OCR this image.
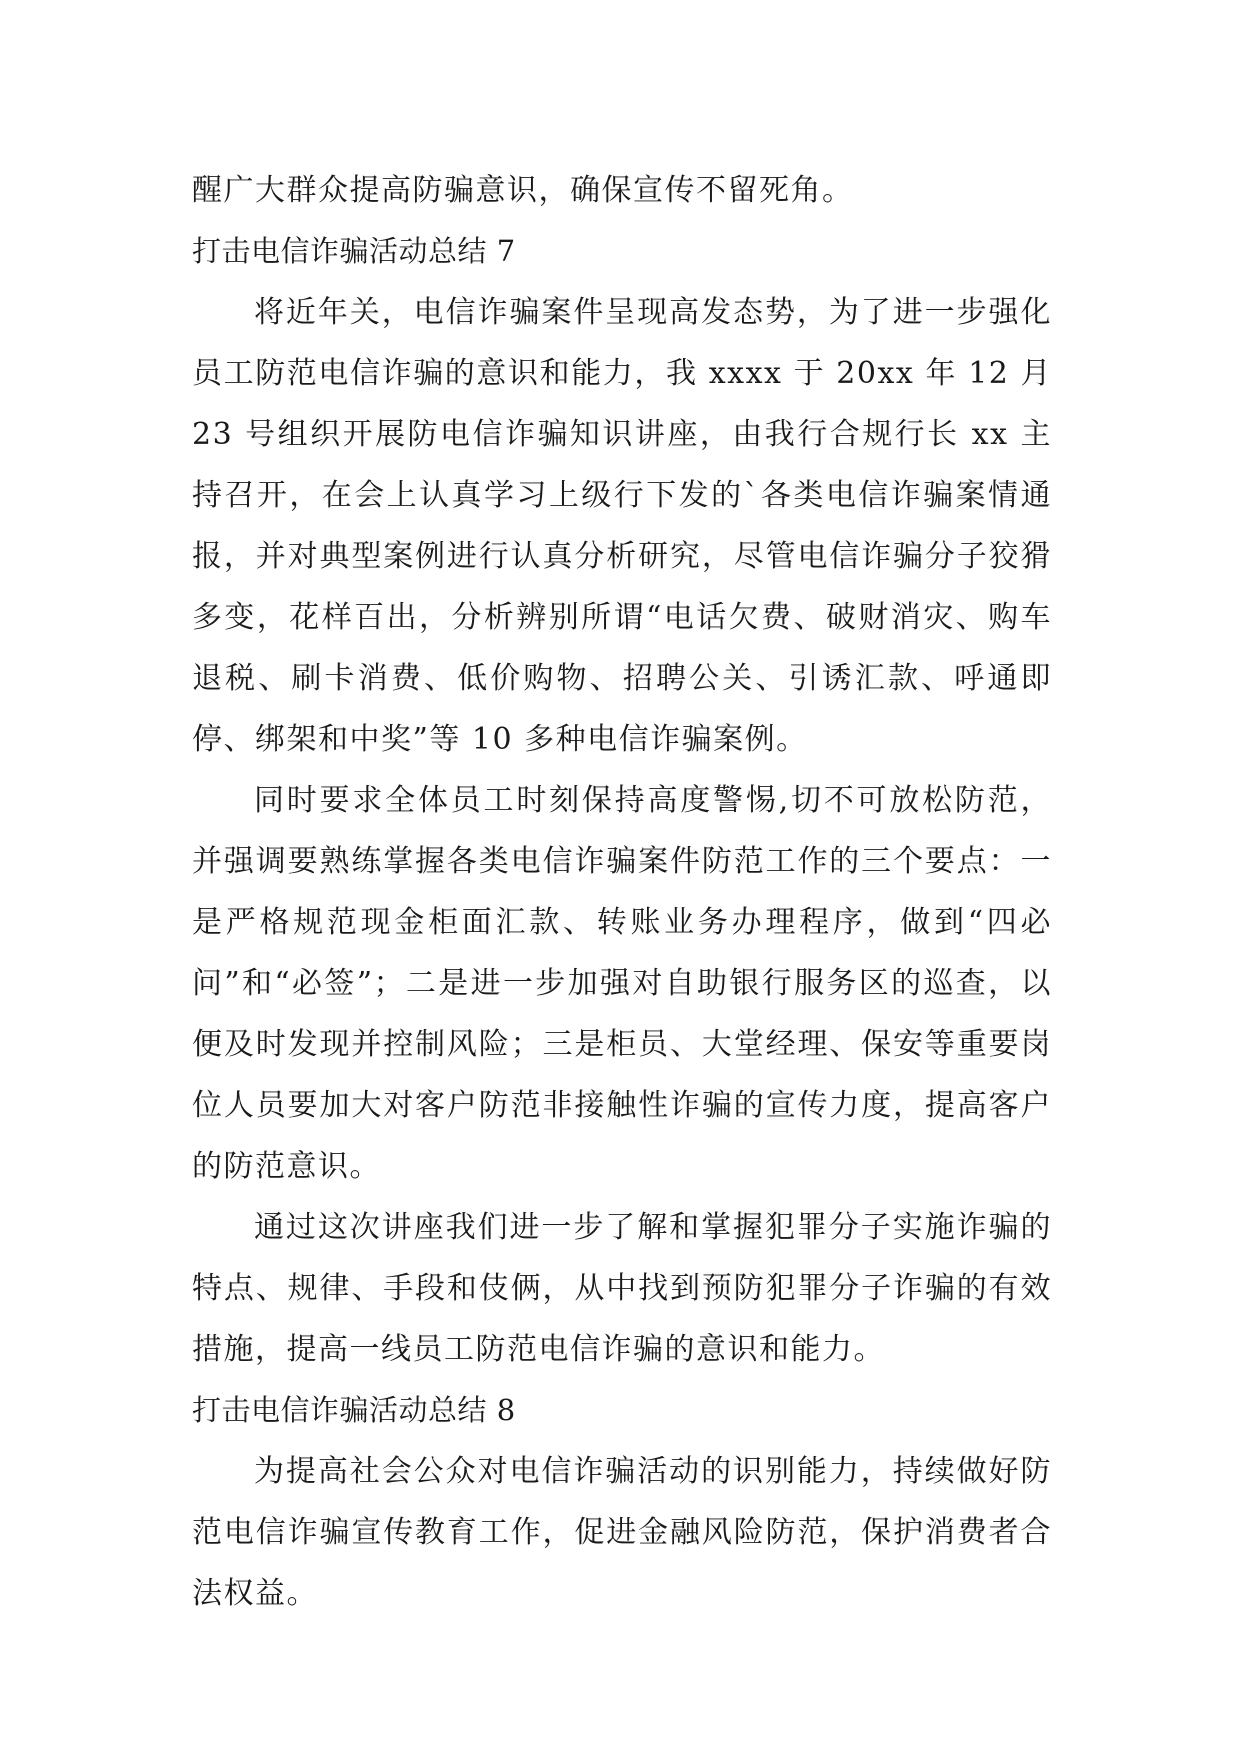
醒广大群众提高防骗意识，确保宣传不留死角。

打击电信诈骗活动总结 7

将近年关，电信诈骗案件呈现高发态势，为了进一步强化员工防范电信诈骗的意识和能力，我 xxxx 于 20xx 年 12 月 23 号组织开展防电信诈骗知识讲座，由我行合规行长 xx 主持召开，在会上认真学习上级行下发的`各类电信诈骗案情通报，并对典型案例进行认真分析研究，尽管电信诈骗分子狡猾多变，花样百出，分析辨别所谓“电话欠费、破财消灾、购车退税、刷卡消费、低价购物、招聘公关、引诱汇款、呼通即停、绑架和中奖”等 10 多种电信诈骗案例。

同时要求全体员工时刻保持高度警惕,切不可放松防范，并强调要熟练掌握各类电信诈骗案件防范工作的三个要点：一是严格规范现金柜面汇款、转账业务办理程序，做到“四必问”和“必签”；二是进一步加强对自助银行服务区的巡查，以便及时发现并控制风险；三是柜员、大堂经理、保安等重要岗位人员要加大对客户防范非接触性诈骗的宣传力度，提高客户的防范意识。

通过这次讲座我们进一步了解和掌握犯罪分子实施诈骗的特点、规律、手段和伎俩，从中找到预防犯罪分子诈骗的有效措施，提高一线员工防范电信诈骗的意识和能力。

打击电信诈骗活动总结 8

为提高社会公众对电信诈骗活动的识别能力，持续做好防范电信诈骗宣传教育工作，促进金融风险防范，保护消费者合法权益。
